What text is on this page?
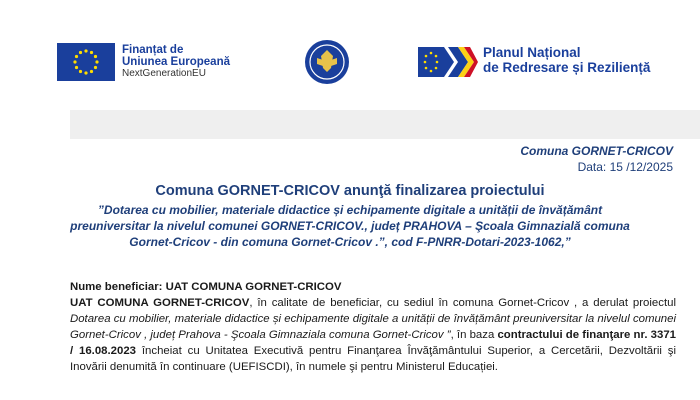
Finanțat de
Uniunea Europeană
NextGenerationEU
Planul Național
de Redresare și Reziliență
Comuna GORNET-CRICOV
Data: 15 /12/2025
Comuna GORNET-CRICOV anunţă finalizarea proiectului
”Dotarea cu mobilier, materiale didactice și echipamente digitale a unității de învățământ preuniversitar la nivelul comunei GORNET-CRICOV., județ PRAHOVA – Şcoala Gimnazială comuna Gornet-Cricov - din comuna Gornet-Cricov .”, cod F-PNRR-Dotari-2023-1062,”

Nume beneficiar: UAT COMUNA GORNET-CRICOV

UAT COMUNA GORNET-CRICOV, în calitate de beneficiar, cu sediul în comuna Gornet-Cricov , a derulat proiectul Dotarea cu mobilier, materiale didactice și echipamente digitale a unității de învățământ preuniversitar la nivelul comunei Gornet-Cricov , județ Prahova - Şcoala Gimnaziala comuna Gornet-Cricov ”, în baza contractului de finanţare nr. 3371 / 16.08.2023 încheiat cu Unitatea Executivă pentru Finanţarea Învăţământului Superior, a Cercetării, Dezvoltării şi Inovării denumită în continuare (UEFISCDI), în numele şi pentru Ministerul Educației.
